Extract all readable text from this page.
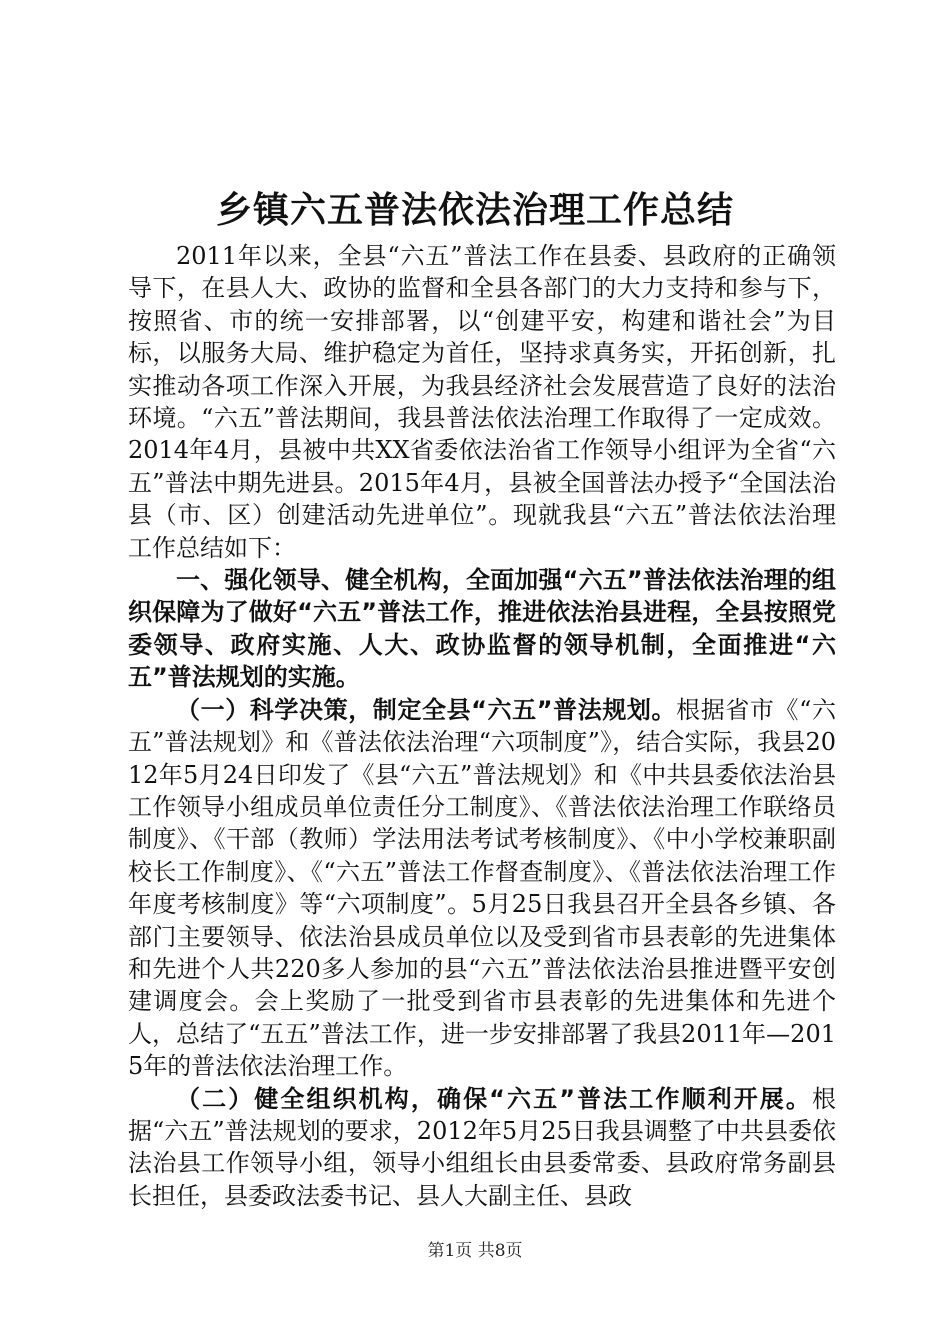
乡镇六五普法依法治理工作总结

2011年以来，全县“六五”普法工作在县委、县政府的正确领导下，在县人大、政协的监督和全县各部门的大力支持和参与下，按照省、市的统一安排部署，以“创建平安，构建和谐社会”为目标，以服务大局、维护稳定为首任，坚持求真务实，开拓创新，扎实推动各项工作深入开展，为我县经济社会发展营造了良好的法治环境。“六五”普法期间，我县普法依法治理工作取得了一定成效。2014年4月，县被中共XX省委依法治省工作领导小组评为全省“六五”普法中期先进县。2015年4月，县被全国普法办授予“全国法治县（市、区）创建活动先进单位”。现就我县“六五”普法依法治理工作总结如下：

一、强化领导、健全机构，全面加强“六五”普法依法治理的组织保障为了做好“六五”普法工作，推进依法治县进程，全县按照党委领导、政府实施、人大、政协监督的领导机制，全面推进“六五”普法规划的实施。

（一）科学决策，制定全县“六五”普法规划。根据省市《“六五”普法规划》和《普法依法治理“六项制度”》，结合实际，我县2012年5月24日印发了《县“六五”普法规划》和《中共县委依法治县工作领导小组成员单位责任分工制度》、《普法依法治理工作联络员制度》、《干部（教师）学法用法考试考核制度》、《中小学校兼职副校长工作制度》、《“六五”普法工作督查制度》、《普法依法治理工作年度考核制度》等“六项制度”。5月25日我县召开全县各乡镇、各部门主要领导、依法治县成员单位以及受到省市县表彰的先进集体和先进个人共220多人参加的县“六五”普法依法治县推进暨平安创建调度会。会上奖励了一批受到省市县表彰的先进集体和先进个人，总结了“五五”普法工作，进一步安排部署了我县2011年—2015年的普法依法治理工作。

（二）健全组织机构，确保“六五”普法工作顺利开展。根据“六五”普法规划的要求，2012年5月25日我县调整了中共县委依法治县工作领导小组，领导小组组长由县委常委、县政府常务副县长担任，县委政法委书记、县人大副主任、县政

第1页 共8页
